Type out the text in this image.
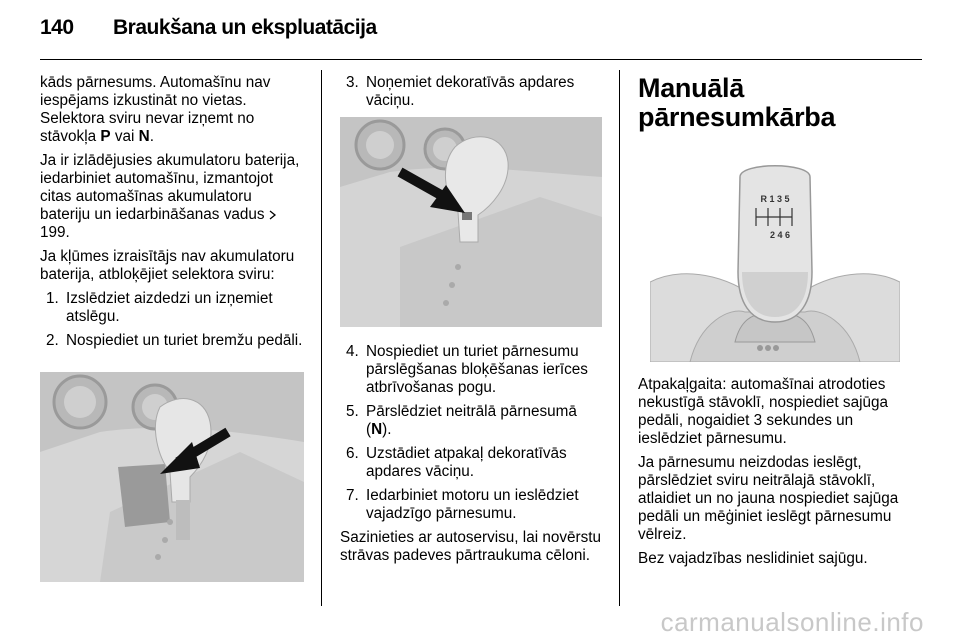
140 Braukšana un ekspluatācija

kāds pārnesums. Automašīnu nav iespējams izkustināt no vietas. Selektora sviru nevar izņemt no stāvokļa P vai N.

Ja ir izlādējusies akumulatoru baterija, iedarbiniet automašīnu, izmantojot citas automašīnas akumulatoru bateriju un iedarbināšanas vadus
199.

Ja kļūmes izraisītājs nav akumulatoru baterija, atbloķējiet selektora sviru:

1. Izslēdziet aizdedzi un izņemiet atslēgu.
2. Nospiediet un turiet bremžu pedāli.
3. Noņemiet dekoratīvās apdares vāciņu.
4. Nospiediet un turiet pārnesumu pārslēgšanas bloķēšanas ierīces atbrīvošanas pogu.
5. Pārslēdziet neitrālā pārnesumā (N).
6. Uzstādiet atpakaļ dekoratīvās apdares vāciņu.
7. Iedarbiniet motoru un ieslēdziet vajadzīgo pārnesumu.

Sazinieties ar autoservisu, lai novērstu strāvas padeves pārtraukuma cēloni.

Manuālā
pārnesumkārba
R 1 3 5
2 4 6

Atpakaļgaita: automašīnai atrodoties nekustīgā stāvoklī, nospiediet sajūga pedāli, nogaidiet 3 sekundes un ieslēdziet pārnesumu.

Ja pārnesumu neizdodas ieslēgt, pārslēdziet sviru neitrālajā stāvoklī, atlaidiet un no jauna nospiediet sajūga pedāli un mēģiniet ieslēgt pārnesumu vēlreiz.

Bez vajadzības neslidiniet sajūgu.

carmanualsonline.info
